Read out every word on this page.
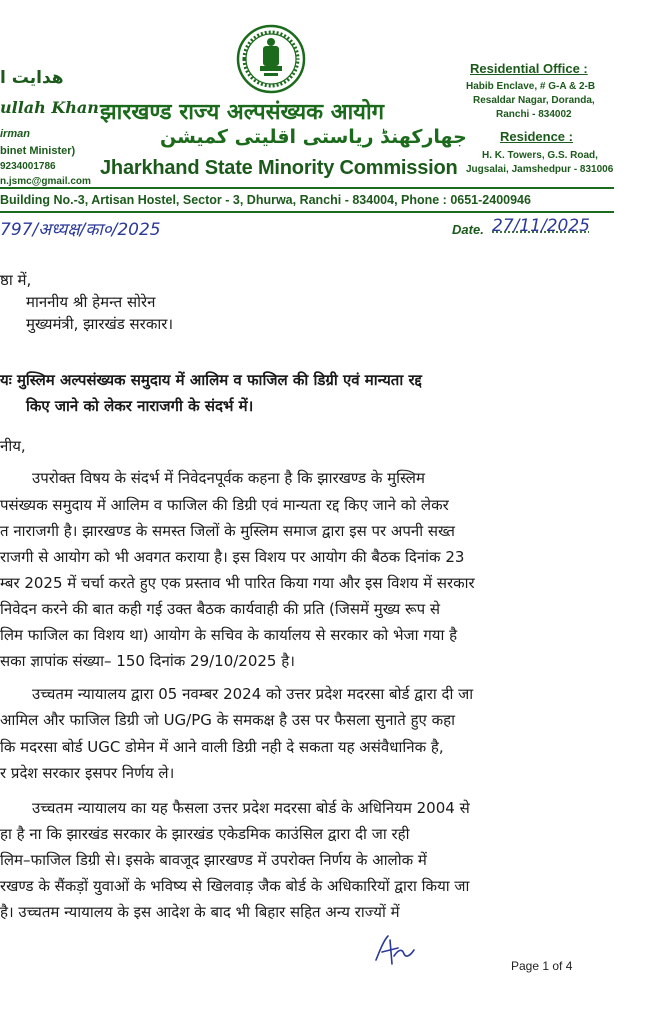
هدايت ا
ullah Khan
irman
binet Minister)
9234001786
n.jsmc@gmail.com
झारखण्ड राज्य अल्पसंख्यक आयोग
جھارکھنڈ ریاستی اقلیتی کمیشن
Jharkhand State Minority Commission
Residential Office :
Habib Enclave, # G-A & 2-B
Resaldar Nagar, Doranda,
Ranchi - 834002
Residence :
H. K. Towers, G.S. Road,
Jugsalai, Jamshedpur - 831006
Building No.-3, Artisan Hostel, Sector - 3, Dhurwa, Ranchi - 834004, Phone : 0651-2400946
797/अध्यक्ष/का०/2025	Date. 27/11/2025
ष्ठा में,
माननीय श्री हेमन्त सोरेन
मुख्यमंत्री, झारखंड सरकार।
यः मुस्लिम अल्पसंख्यक समुदाय में आलिम व फाजिल की डिग्री एवं मान्यता रद्द
किए जाने को लेकर नाराजगी के संदर्भ में।
नीय,
उपरोक्त विषय के संदर्भ में निवेदनपूर्वक कहना है कि झारखण्ड के मुस्लिम
पसंख्यक समुदाय में आलिम व फाजिल की डिग्री एवं मान्यता रद्द किए जाने को लेकर
त नाराजगी है। झारखण्ड के समस्त जिलों के मुस्लिम समाज द्वारा इस पर अपनी सख्त
राजगी से आयोग को भी अवगत कराया है। इस विशय पर आयोग की बैठक दिनांक 23
म्बर 2025 में चर्चा करते हुए एक प्रस्ताव भी पारित किया गया और इस विशय में सरकार
निवेदन करने की बात कही गई उक्त बैठक कार्यवाही की प्रति (जिसमें मुख्य रूप से
लिम फाजिल का विशय था) आयोग के सचिव के कार्यालय से सरकार को भेजा गया है
सका ज्ञापांक संख्या– 150 दिनांक 29/10/2025 है।
उच्चतम न्यायालय द्वारा 05 नवम्बर 2024 को उत्तर प्रदेश मदरसा बोर्ड द्वारा दी जा
आमिल और फाजिल डिग्री जो UG/PG के समकक्ष है उस पर फैसला सुनाते हुए कहा
कि मदरसा बोर्ड UGC डोमेन में आने वाली डिग्री नही दे सकता यह असंवैधानिक है,
र प्रदेश सरकार इसपर निर्णय ले।
उच्चतम न्यायालय का यह फैसला उत्तर प्रदेश मदरसा बोर्ड के अधिनियम 2004 से
हा है ना कि झारखंड सरकार के झारखंड एकेडमिक काउंसिल द्वारा दी जा रही
लिम–फाजिल डिग्री से। इसके बावजूद झारखण्ड में उपरोक्त निर्णय के आलोक में
रखण्ड के सैंकड़ों युवाओं के भविष्य से खिलवाड़ जैक बोर्ड के अधिकारियों द्वारा किया जा
है। उच्चतम न्यायालय के इस आदेश के बाद भी बिहार सहित अन्य राज्यों में
Page 1 of 4
